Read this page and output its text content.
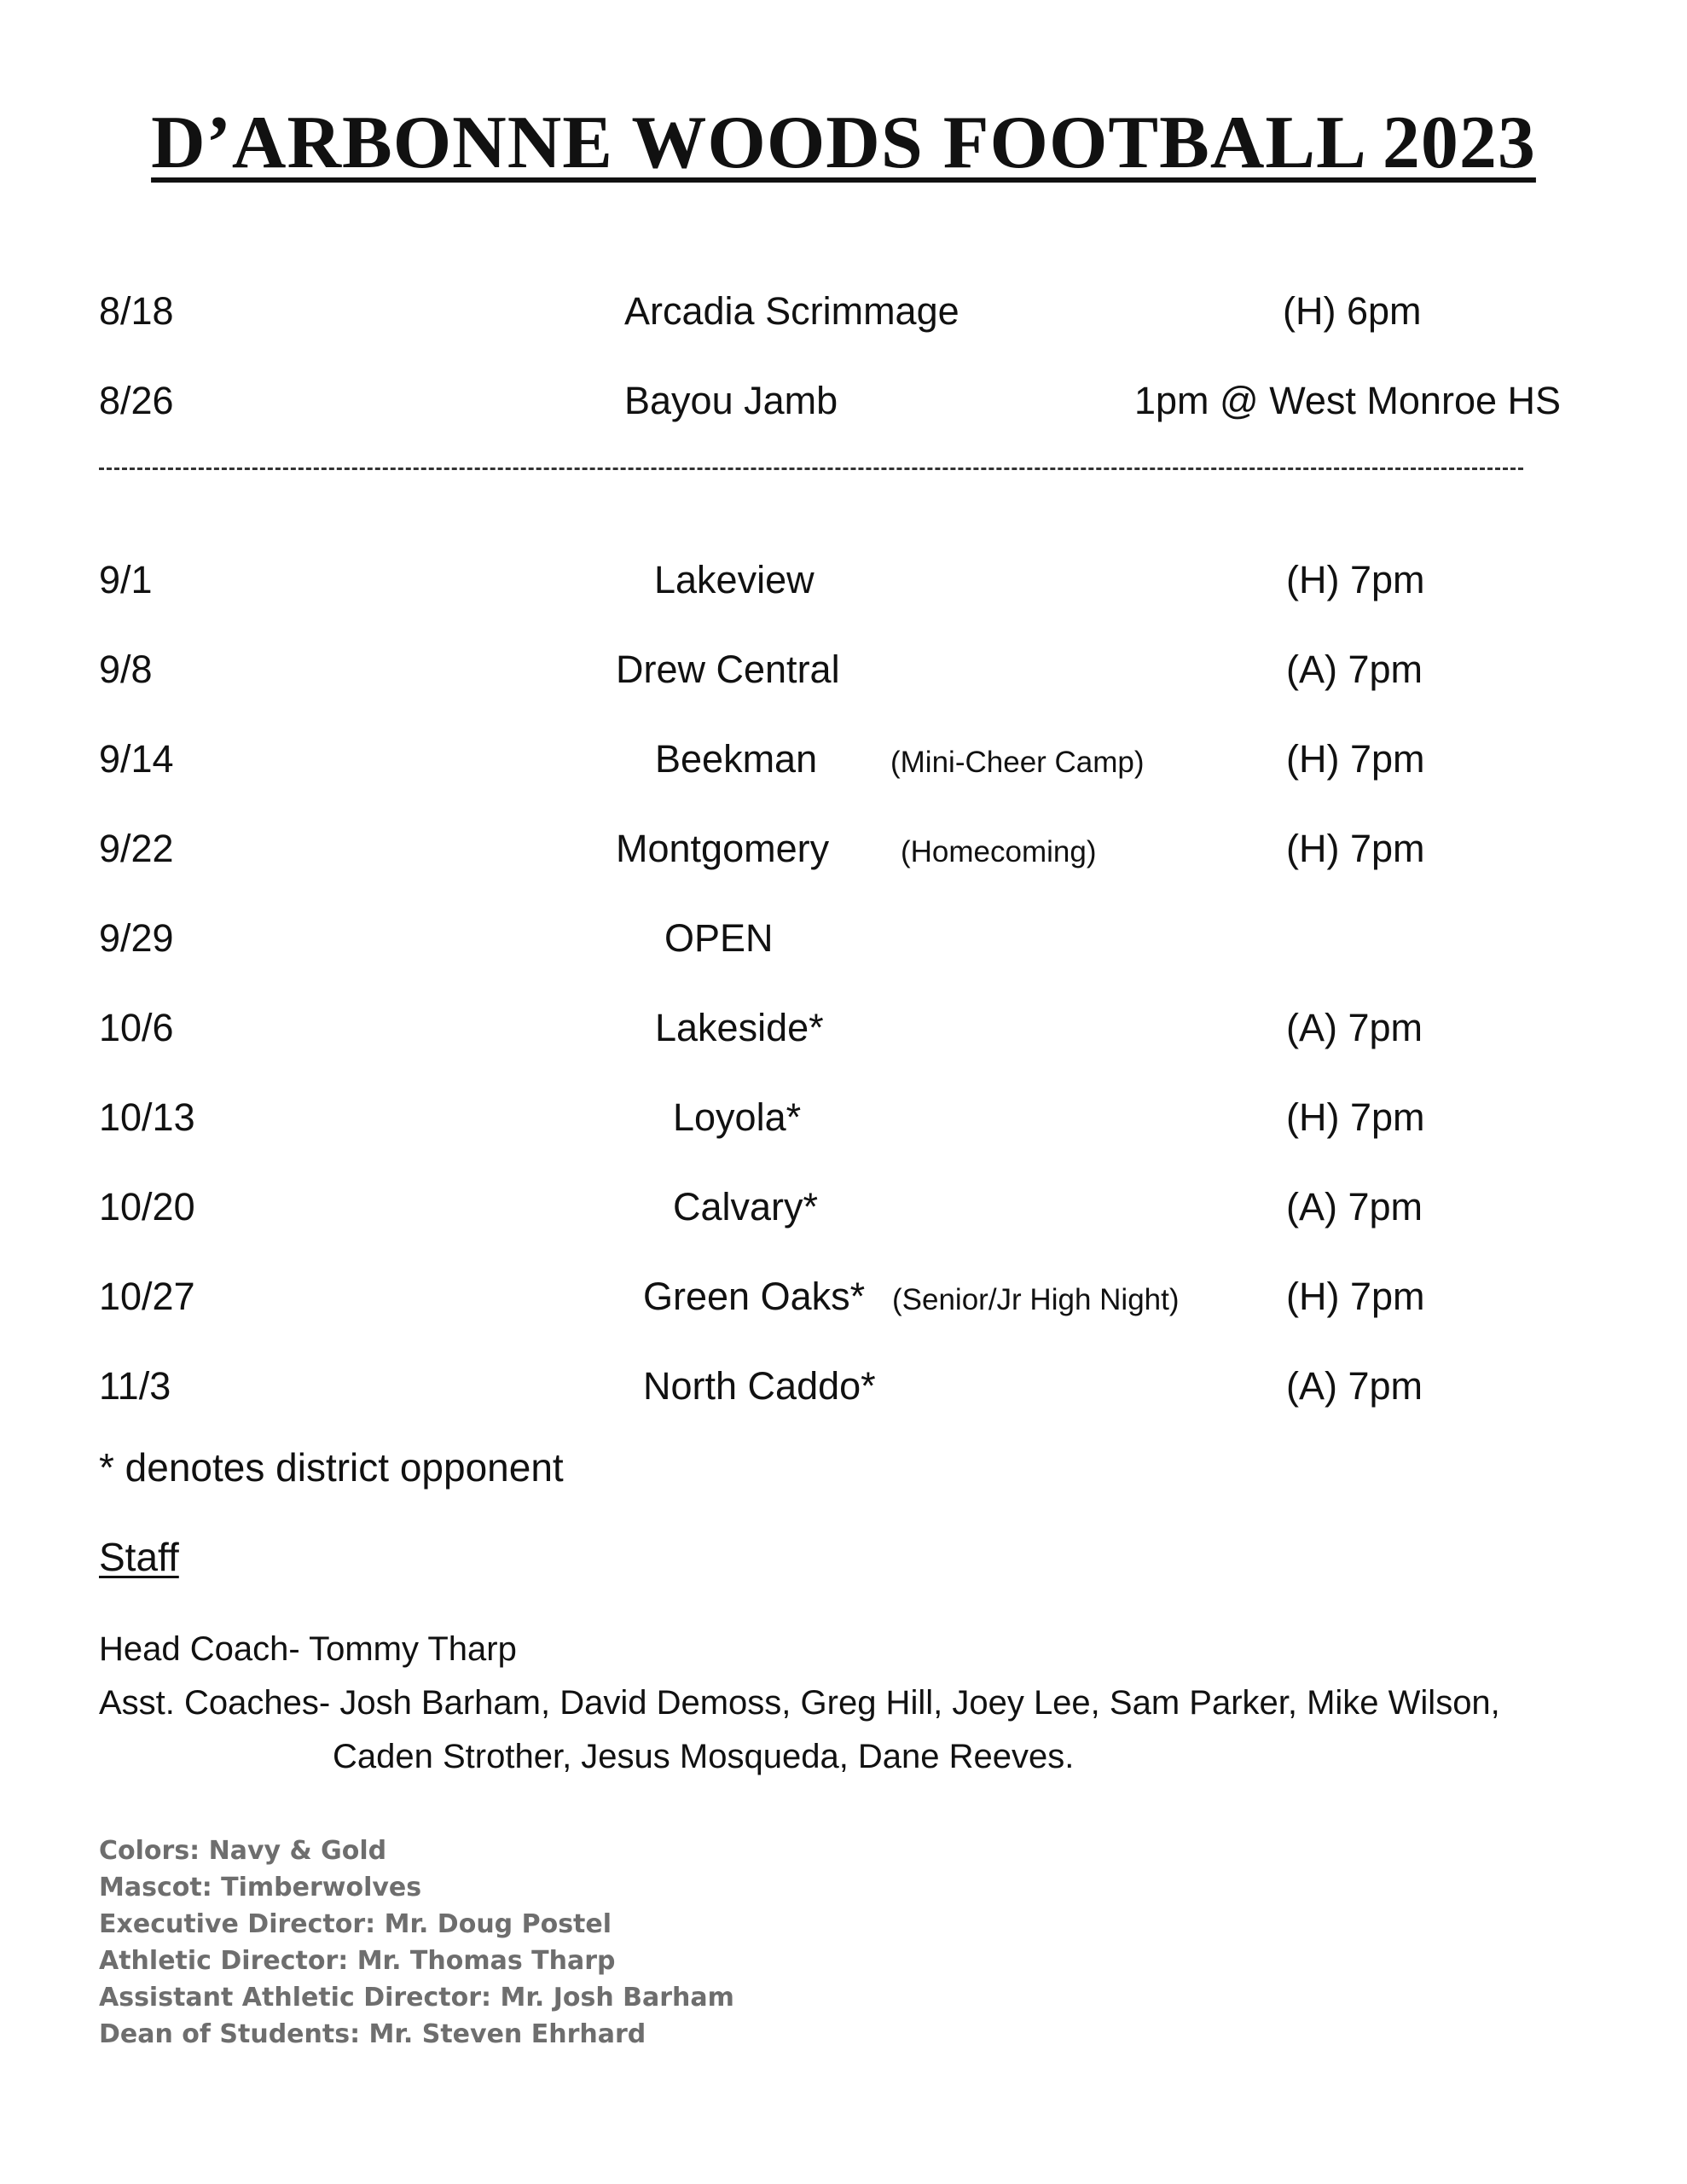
D’ARBONNE WOODS FOOTBALL 2023
8/18	Arcadia Scrimmage	(H) 6pm
8/26	Bayou Jamb	1pm @ West Monroe HS
9/1	Lakeview	(H) 7pm
9/8	Drew Central	(A) 7pm
9/14	Beekman (Mini-Cheer Camp)	(H) 7pm
9/22	Montgomery (Homecoming)	(H) 7pm
9/29	OPEN
10/6	Lakeside*	(A) 7pm
10/13	Loyola*	(H) 7pm
10/20	Calvary*	(A) 7pm
10/27	Green Oaks* (Senior/Jr High Night)	(H) 7pm
11/3	North Caddo*	(A) 7pm
* denotes district opponent
Staff
Head Coach- Tommy Tharp
Asst. Coaches- Josh Barham, David Demoss, Greg Hill, Joey Lee, Sam Parker, Mike Wilson,
Caden Strother, Jesus Mosqueda, Dane Reeves.
Colors: Navy & Gold
Mascot: Timberwolves
Executive Director: Mr. Doug Postel
Athletic Director: Mr. Thomas Tharp
Assistant Athletic Director: Mr. Josh Barham
Dean of Students: Mr. Steven Ehrhard
